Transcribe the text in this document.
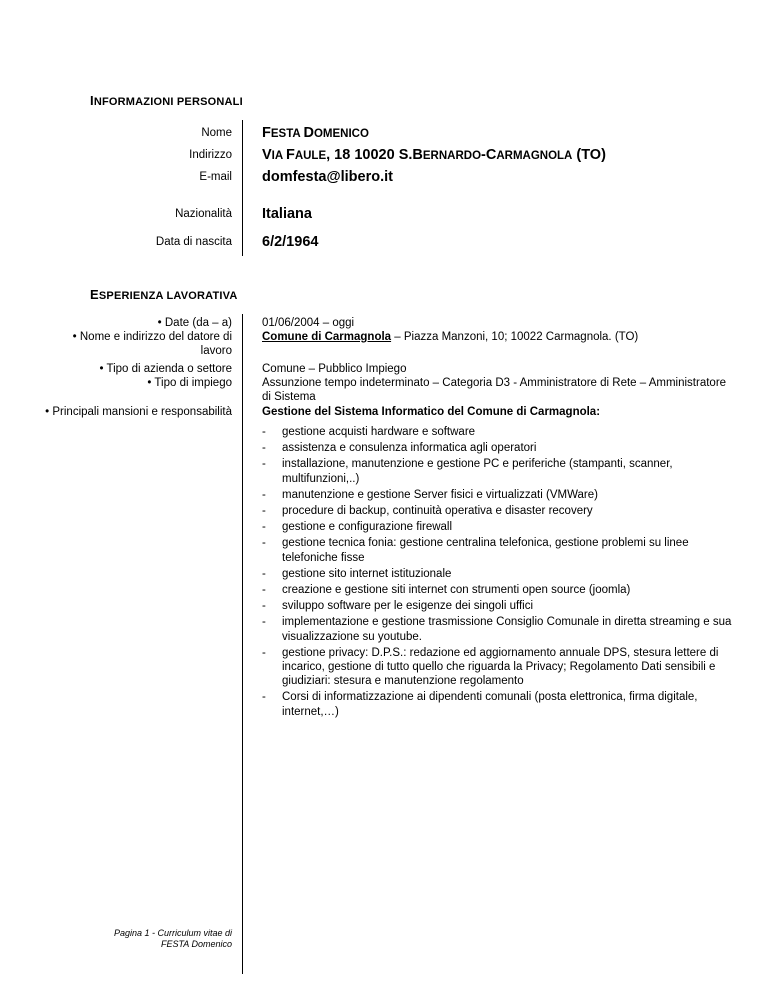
INFORMAZIONI PERSONALI
Nome FESTA DOMENICO
Indirizzo VIA FAULE, 18 10020 S.BERNARDO-CARMAGNOLA (TO)
E-mail domfesta@libero.it
Nazionalità Italiana
Data di nascita 6/2/1964
ESPERIENZA LAVORATIVA
• Date (da – a)
• Nome e indirizzo del datore di lavoro
• Tipo di azienda o settore
• Tipo di impiego
• Principali mansioni e responsabilità
01/06/2004 – oggi
Comune di Carmagnola – Piazza Manzoni, 10; 10022 Carmagnola. (TO)
Comune – Pubblico Impiego
Assunzione tempo indeterminato – Categoria D3 - Amministratore di Rete – Amministratore di Sistema
Gestione del Sistema Informatico del Comune di Carmagnola:
- gestione acquisti hardware e software
- assistenza e consulenza informatica agli operatori
- installazione, manutenzione e gestione PC e periferiche (stampanti, scanner, multifunzioni,..)
- manutenzione e gestione Server fisici e virtualizzati (VMWare)
- procedure di backup, continuità operativa e disaster recovery
- gestione e configurazione firewall
- gestione tecnica fonia: gestione centralina telefonica, gestione problemi su linee telefoniche fisse
- gestione sito internet istituzionale
- creazione e gestione siti internet con strumenti open source (joomla)
- sviluppo software per le esigenze dei singoli uffici
- implementazione e gestione trasmissione Consiglio Comunale in diretta streaming e sua visualizzazione su youtube.
- gestione privacy: D.P.S.: redazione ed aggiornamento annuale DPS, stesura lettere di incarico, gestione di tutto quello che riguarda la Privacy; Regolamento Dati sensibili e giudiziari: stesura e manutenzione regolamento
- Corsi di informatizzazione ai dipendenti comunali (posta elettronica, firma digitale, internet,…)
Pagina 1 - Curriculum vitae di
FESTA Domenico
